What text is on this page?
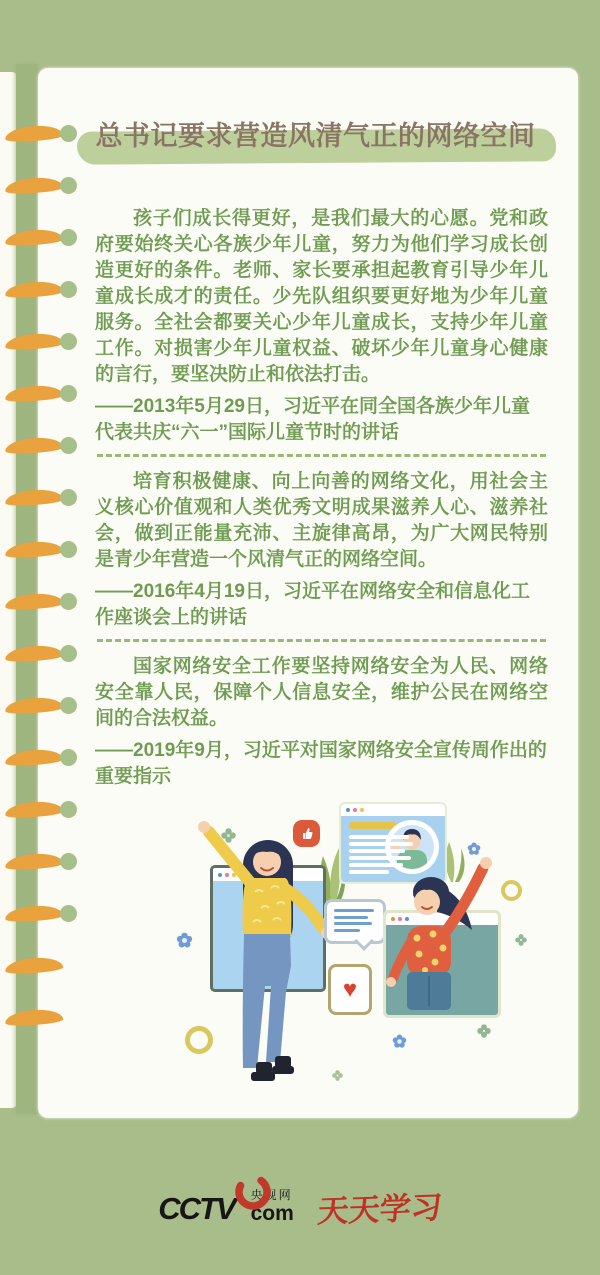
总书记要求营造风清气正的网络空间

孩子们成长得更好，是我们最大的心愿。党和政府要始终关心各族少年儿童，努力为他们学习成长创造更好的条件。老师、家长要承担起教育引导少年儿童成长成才的责任。少先队组织要更好地为少年儿童服务。全社会都要关心少年儿童成长，支持少年儿童工作。对损害少年儿童权益、破坏少年儿童身心健康的言行，要坚决防止和依法打击。

——2013年5月29日，习近平在同全国各族少年儿童代表共庆“六一”国际儿童节时的讲话

培育积极健康、向上向善的网络文化，用社会主义核心价值观和人类优秀文明成果滋养人心、滋养社会，做到正能量充沛、主旋律高昂，为广大网民特别是青少年营造一个风清气正的网络空间。

——2016年4月19日，习近平在网络安全和信息化工作座谈会上的讲话

国家网络安全工作要坚持网络安全为人民、网络安全靠人民，保障个人信息安全，维护公民在网络空间的合法权益。

——2019年9月，习近平对国家网络安全宣传周作出的重要指示

♥
CCTV 央视网
com 天天学习
